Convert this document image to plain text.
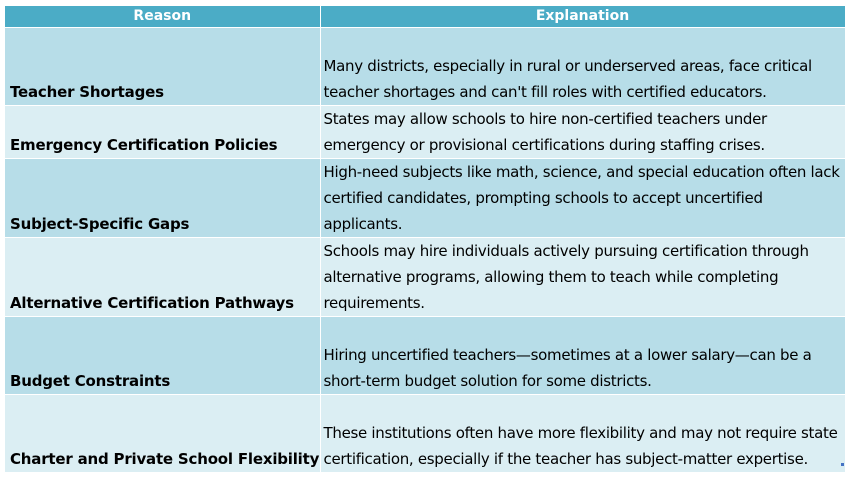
Reason	Explanation
Teacher Shortages	Many districts, especially in rural or underserved areas, face critical teacher shortages and can't fill roles with certified educators.
Emergency Certification Policies	States may allow schools to hire non-certified teachers under emergency or provisional certifications during staffing crises.
Subject-Specific Gaps	High-need subjects like math, science, and special education often lack certified candidates, prompting schools to accept uncertified applicants.
Alternative Certification Pathways	Schools may hire individuals actively pursuing certification through alternative programs, allowing them to teach while completing requirements.
Budget Constraints	Hiring uncertified teachers—sometimes at a lower salary—can be a short-term budget solution for some districts.
Charter and Private School Flexibility	These institutions often have more flexibility and may not require state certification, especially if the teacher has subject-matter expertise.
